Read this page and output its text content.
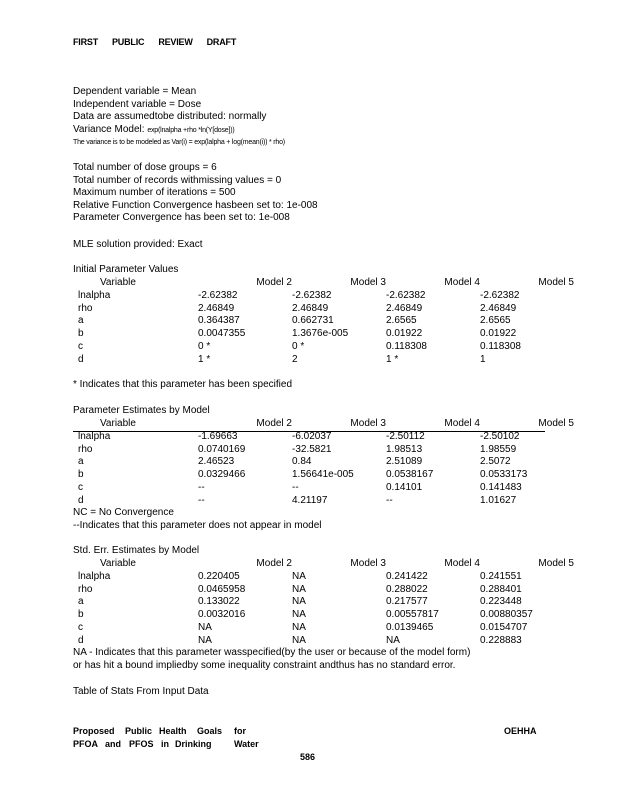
FIRST PUBLIC REVIEW DRAFT
Dependent variable = Mean
Independent variable = Dose
Data are assumedtobe distributed: normally
Variance Model: exp(lnalpha +rho *ln(Y[dose]))
The variance is to be modeled as Var(i) = exp(lalpha + log(mean(i)) * rho)
Total number of dose groups = 6
Total number of records withmissing values = 0
Maximum number of iterations = 500
Relative Function Convergence hasbeen set to: 1e-008
Parameter Convergence has been set to: 1e-008
MLE solution provided: Exact
Initial Parameter Values
Variable	Model 2	Model 3	Model 4	Model 5
lnalpha	-2.62382	-2.62382	-2.62382	-2.62382
rho	2.46849	2.46849	2.46849	2.46849
a	0.364387	0.662731	2.6565	2.6565
b	0.0047355	1.3676e-005	0.01922	0.01922
c	0 *	0 *	0.118308	0.118308
d	1 *	2	1 *	1
* Indicates that this parameter has been specified
Parameter Estimates by Model
Variable	Model 2	Model 3	Model 4	Model 5
lnalpha	-1.69663	-6.02037	-2.50112	-2.50102
rho	0.0740169	-32.5821	1.98513	1.98559
a	2.46523	0.84	2.51089	2.5072
b	0.0329466	1.56641e-005	0.0538167	0.0533173
c	--	--	0.14101	0.141483
d	--	4.21197	--	1.01627
NC = No Convergence
--Indicates that this parameter does not appear in model
Std. Err. Estimates by Model
Variable	Model 2	Model 3	Model 4	Model 5
lnalpha	0.220405	NA	0.241422	0.241551
rho	0.0465958	NA	0.288022	0.288401
a	0.133022	NA	0.217577	0.223448
b	0.0032016	NA	0.00557817	0.00880357
c	NA	NA	0.0139465	0.0154707
d	NA	NA	NA	0.228883
NA - Indicates that this parameter wasspecified(by the user or because of the model form)
or has hit a bound impliedby some inequality constraint andthus has no standard error.
Table of Stats From Input Data
Proposed Public Health Goals for
PFOA and PFOS in Drinking Water
OEHHA
586
